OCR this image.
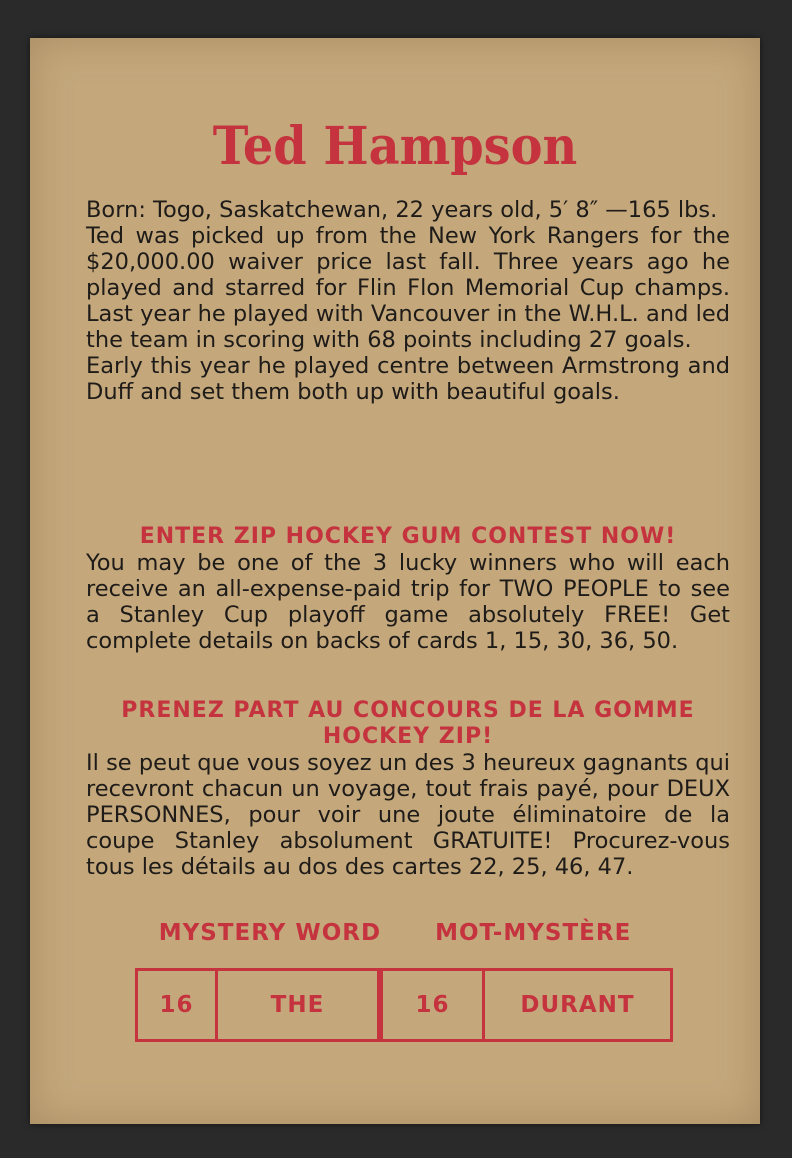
Ted Hampson

Born: Togo, Saskatchewan, 22 years old, 5′ 8″ —165 lbs.

Ted was picked up from the New York Rangers for the $20,000.00 waiver price last fall. Three years ago he played and starred for Flin Flon Memorial Cup champs. Last year he played with Vancouver in the W.H.L. and led the team in scoring with 68 points including 27 goals.

Early this year he played centre between Armstrong and Duff and set them both up with beautiful goals.

ENTER ZIP HOCKEY GUM CONTEST NOW!

You may be one of the 3 lucky winners who will each receive an all-expense-paid trip for TWO PEOPLE to see a Stanley Cup playoff game absolutely FREE! Get complete details on backs of cards 1, 15, 30, 36, 50.

PRENEZ PART AU CONCOURS DE LA GOMME HOCKEY ZIP!

Il se peut que vous soyez un des 3 heureux gagnants qui recevront chacun un voyage, tout frais payé, pour DEUX PERSONNES, pour voir une joute éliminatoire de la coupe Stanley absolument GRATUITE! Procurez-vous tous les détails au dos des cartes 22, 25, 46, 47.

MYSTERY WORD MOT-MYSTÈRE
16	THE	16	DURANT
